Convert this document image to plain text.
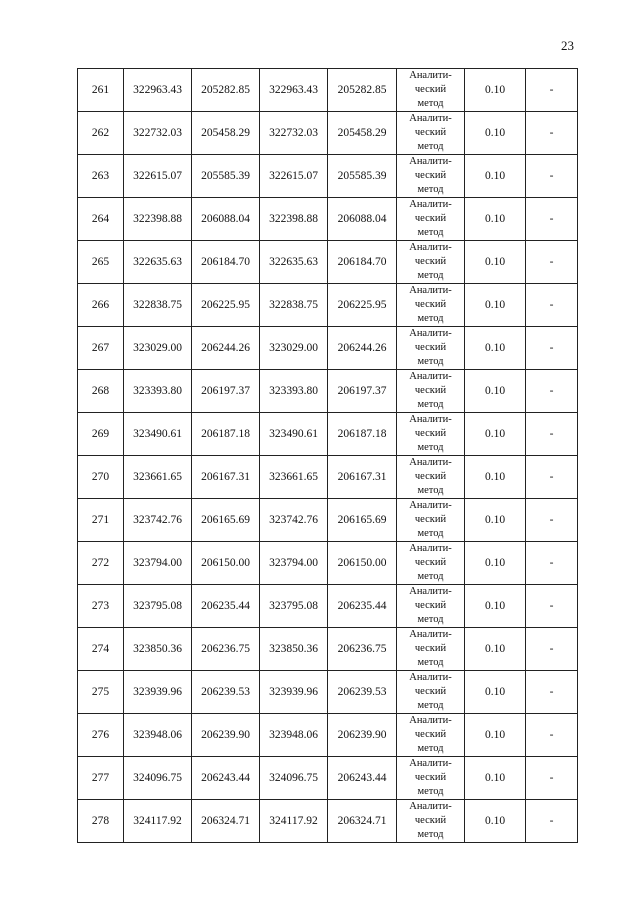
23
261	322963.43	205282.85	322963.43	205282.85	Аналити-
ческий
метод	0.10	-
262	322732.03	205458.29	322732.03	205458.29	Аналити-
ческий
метод	0.10	-
263	322615.07	205585.39	322615.07	205585.39	Аналити-
ческий
метод	0.10	-
264	322398.88	206088.04	322398.88	206088.04	Аналити-
ческий
метод	0.10	-
265	322635.63	206184.70	322635.63	206184.70	Аналити-
ческий
метод	0.10	-
266	322838.75	206225.95	322838.75	206225.95	Аналити-
ческий
метод	0.10	-
267	323029.00	206244.26	323029.00	206244.26	Аналити-
ческий
метод	0.10	-
268	323393.80	206197.37	323393.80	206197.37	Аналити-
ческий
метод	0.10	-
269	323490.61	206187.18	323490.61	206187.18	Аналити-
ческий
метод	0.10	-
270	323661.65	206167.31	323661.65	206167.31	Аналити-
ческий
метод	0.10	-
271	323742.76	206165.69	323742.76	206165.69	Аналити-
ческий
метод	0.10	-
272	323794.00	206150.00	323794.00	206150.00	Аналити-
ческий
метод	0.10	-
273	323795.08	206235.44	323795.08	206235.44	Аналити-
ческий
метод	0.10	-
274	323850.36	206236.75	323850.36	206236.75	Аналити-
ческий
метод	0.10	-
275	323939.96	206239.53	323939.96	206239.53	Аналити-
ческий
метод	0.10	-
276	323948.06	206239.90	323948.06	206239.90	Аналити-
ческий
метод	0.10	-
277	324096.75	206243.44	324096.75	206243.44	Аналити-
ческий
метод	0.10	-
278	324117.92	206324.71	324117.92	206324.71	Аналити-
ческий
метод	0.10	-
